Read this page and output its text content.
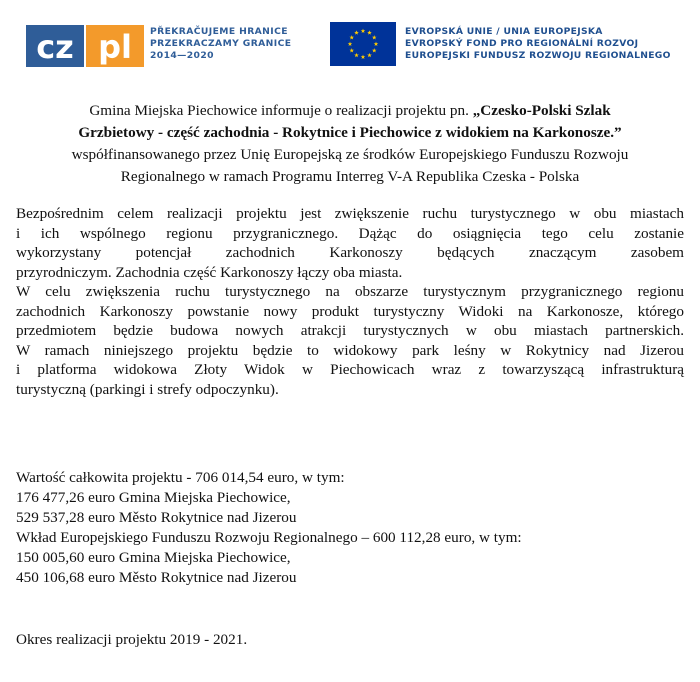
cz pl PŘEKRAČUJEME HRANICE
PRZEKRACZAMY GRANICE
2014—2020
EVROPSKÁ UNIE / UNIA EUROPEJSKA
EVROPSKÝ FOND PRO REGIONÁLNÍ ROZVOJ
EUROPEJSKI FUNDUSZ ROZWOJU REGIONALNEGO
Gmina Miejska Piechowice informuje o realizacji projektu pn. „Czesko-Polski Szlak
Grzbietowy - część zachodnia - Rokytnice i Piechowice z widokiem na Karkonosze.”
współfinansowanego przez Unię Europejską ze środków Europejskiego Funduszu Rozwoju
Regionalnego w ramach Programu Interreg V-A Republika Czeska - Polska
Bezpośrednim celem realizacji projektu jest zwiększenie ruchu turystycznego w obu miastach
i ich wspólnego regionu przygranicznego. Dążąc do osiągnięcia tego celu zostanie
wykorzystany potencjał zachodnich Karkonoszy będących znaczącym zasobem
przyrodniczym. Zachodnia część Karkonoszy łączy oba miasta.
W celu zwiększenia ruchu turystycznego na obszarze turystycznym przygranicznego regionu
zachodnich Karkonoszy powstanie nowy produkt turystyczny Widoki na Karkonosze, którego
przedmiotem będzie budowa nowych atrakcji turystycznych w obu miastach partnerskich.
W ramach niniejszego projektu będzie to widokowy park leśny w Rokytnicy nad Jizerou
i platforma widokowa Złoty Widok w Piechowicach wraz z towarzyszącą infrastrukturą
turystyczną (parkingi i strefy odpoczynku).
Wartość całkowita projektu - 706 014,54 euro, w tym:
176 477,26 euro Gmina Miejska Piechowice,
529 537,28 euro Město Rokytnice nad Jizerou
Wkład Europejskiego Funduszu Rozwoju Regionalnego – 600 112,28 euro, w tym:
150 005,60 euro Gmina Miejska Piechowice,
450 106,68 euro Město Rokytnice nad Jizerou
Okres realizacji projektu 2019 - 2021.
